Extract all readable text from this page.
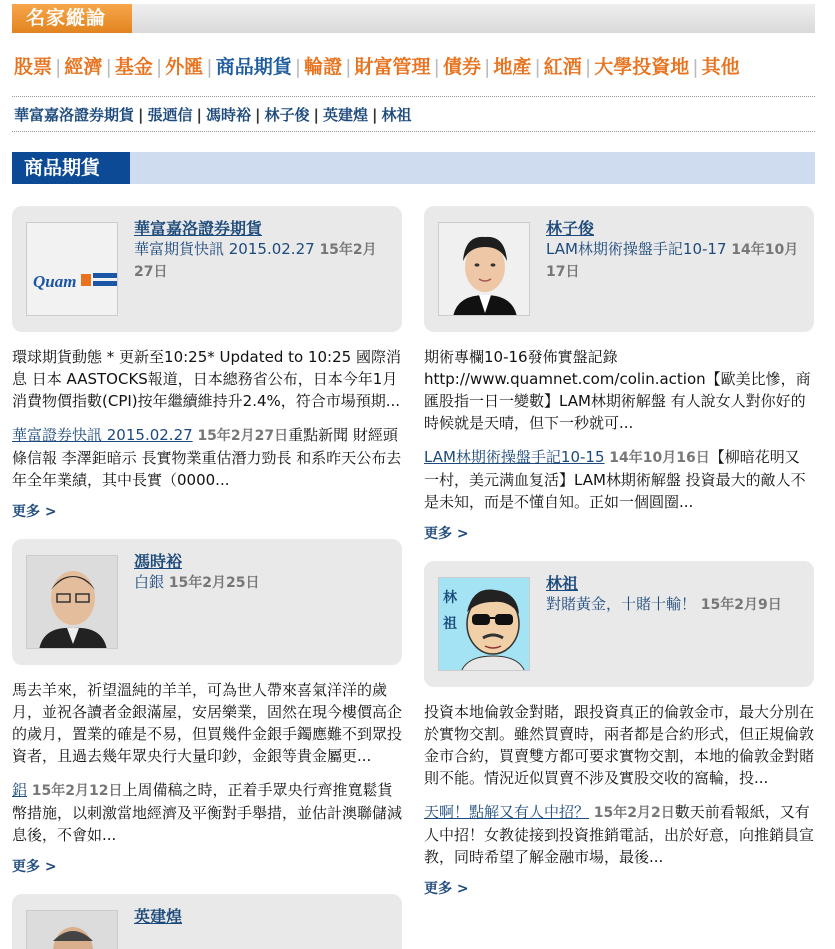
名家縱論
股票 | 經濟 | 基金 | 外匯 | 商品期貨 | 輪證 | 財富管理 | 債券 | 地產 | 紅酒 | 大學投資地 | 其他
華富嘉洛證券期貨 | 張迺信 | 馮時裕 | 林子俊 | 英建煌 | 林祖
商品期貨
Quam
華富嘉洛證券期貨
華富期貨快訊 2015.02.27 15年2月27日
環球期貨動態 * 更新至10:25* Updated to 10:25 國際消息 日本 AASTOCKS報道，日本總務省公布，日本今年1月消費物價指數(CPI)按年繼續維持升2.4%，符合市場預期...
華富證券快訊 2015.02.27 15年2月27日重點新聞 財經頭條信報 李澤鉅暗示 長實物業重估潛力勁長 和系昨天公布去年全年業績，其中長實（0000...
更多 >
馮時裕
白銀 15年2月25日
馬去羊來，祈望溫純的羊羊，可為世人帶來喜氣洋洋的歲月，並祝各讀者金銀滿屋，安居樂業，固然在現今樓價高企的歲月，置業的確是不易，但買幾件金銀手鐲應難不到眾投資者，且過去幾年眾央行大量印鈔，金銀等貴金屬更...
鋁 15年2月12日上周備稿之時，正着手眾央行齊推寬鬆貨幣措施，以刺激當地經濟及平衡對手舉措，並估計澳聯儲減息後，不會如...
更多 >
英建煌
林子俊
LAM林期術操盤手記10-17 14年10月17日
期術專欄10-16發佈實盤記錄 http://www.quamnet.com/colin.action【歐美比慘，商匯股指一日一變數】LAM林期術解盤 有人說女人對你好的時候就是天晴，但下一秒就可...
LAM林期術操盤手記10-15 14年10月16日【柳暗花明又一村，美元满血复活】LAM林期術解盤 投資最大的敵人不是未知，而是不懂自知。正如一個圓圈...
更多 >
林
祖
林祖
對賭黃金，十賭十輸！ 15年2月9日
投資本地倫敦金對賭，跟投資真正的倫敦金市，最大分別在於實物交割。雖然買賣時，兩者都是合約形式，但正規倫敦金市合約，買賣雙方都可要求實物交割，本地的倫敦金對賭則不能。情況近似買賣不涉及實股交收的窩輪，投...
天啊！點解又有人中招？ 15年2月2日數天前看報紙，又有人中招！女教徒接到投資推銷電話，出於好意，向推銷員宣教，同時希望了解金融市場，最後...
更多 >
